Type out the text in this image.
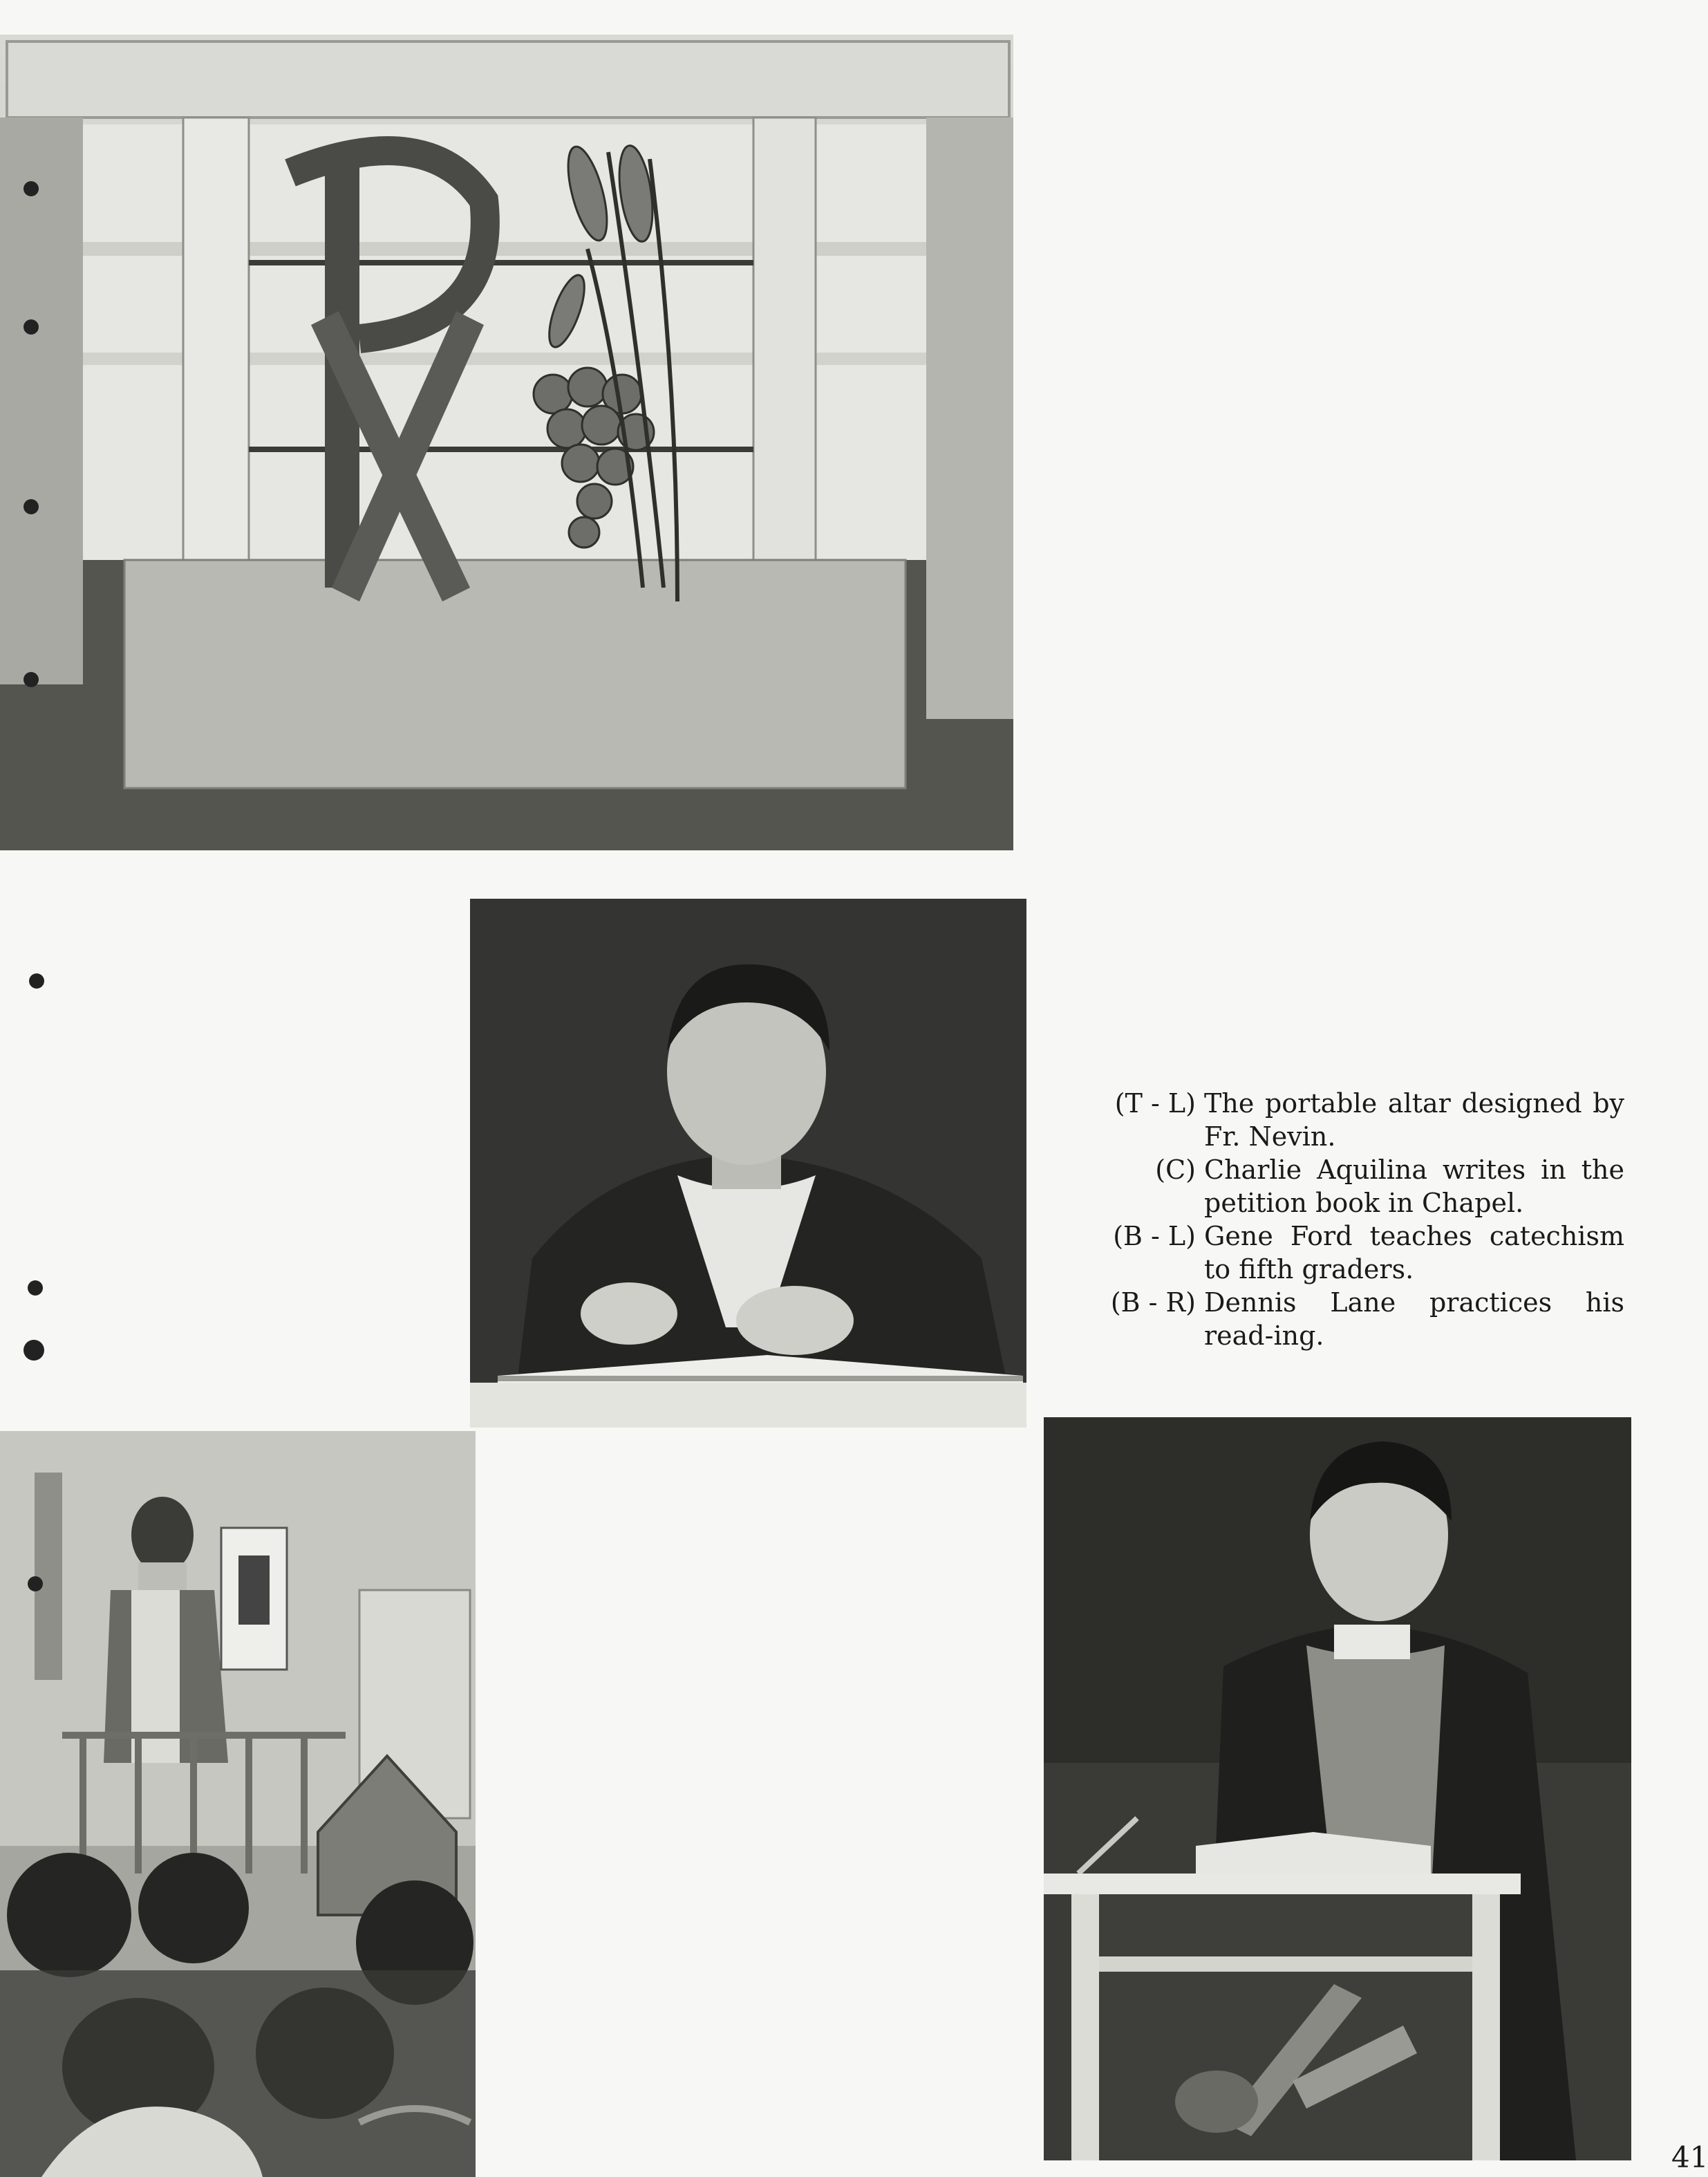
(T - L) The portable altar designed by Fr. Nevin.
(C) Charlie Aquilina writes in the petition book in Chapel.
(B - L) Gene Ford teaches catechism to fifth graders.
(B - R) Dennis Lane practices his read-ing.
41
